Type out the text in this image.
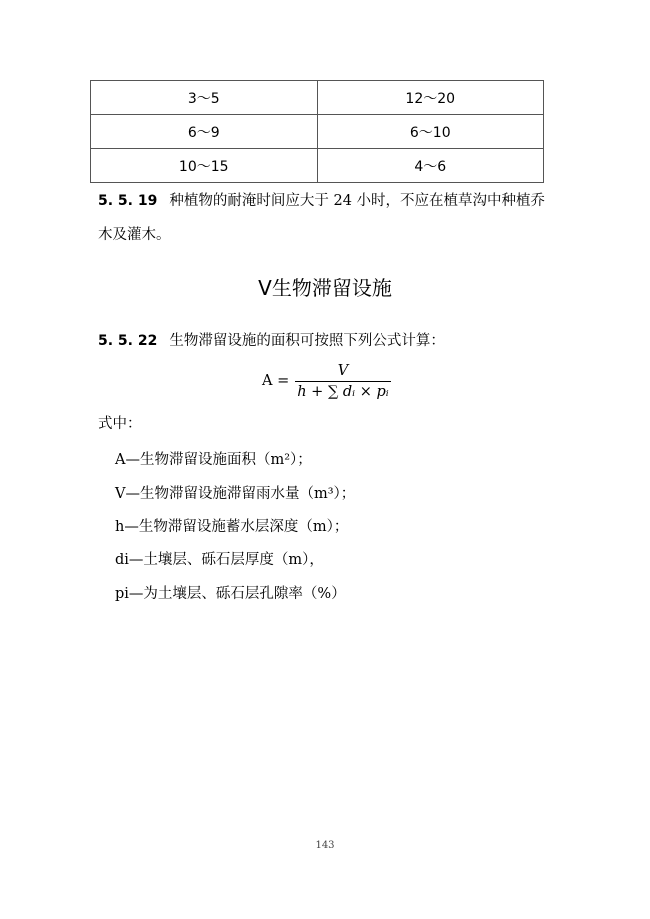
3～5	12～20
6～9	6～10
10～15	4～6
5. 5. 19 种植物的耐淹时间应大于 24 小时，不应在植草沟中种植乔木及灌木。
Ⅴ生物滞留设施
5. 5. 22 生物滞留设施的面积可按照下列公式计算：
$A = \frac{V}{\text{h + ∑ dᵢ × pᵢ}}$
式中：
A—生物滞留设施面积（m²）；
V—生物滞留设施滞留雨水量（m³）；
h—生物滞留设施蓄水层深度（m）；
di—土壤层、砾石层厚度（m），
pi—为土壤层、砾石层孔隙率（%）
143
